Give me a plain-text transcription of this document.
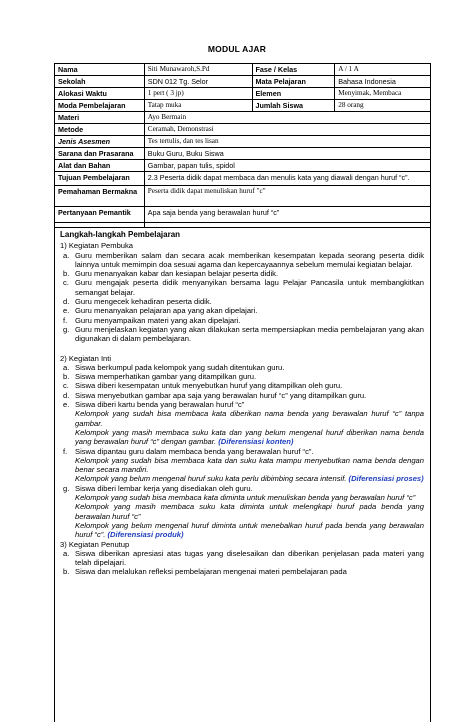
MODUL AJAR
Nama	Siti Munawaroh,S.Pd	Fase / Kelas	A / 1 A
Sekolah	SDN 012 Tg. Selor	Mata Pelajaran	Bahasa Indonesia
Alokasi Waktu	1 pert ( 3 jp)	Elemen	Menyimak, Membaca
Moda Pembelajaran	Tatap muka	Jumlah Siswa	28 orang
Materi	Ayo Bermain		
Metode	Ceramah, Demonstrasi		
Jenis Asesmen	Tes tertulis, dan tes lisan		
Sarana dan Prasarana	Buku Guru, Buku Siswa		
Alat dan Bahan	Gambar, papan tulis, spidol		
Tujuan Pembelajaran	2.3 Peserta didik dapat membaca dan menulis kata yang diawali dengan huruf “c”.		
Pemahaman Bermakna	Peserta didik dapat menuliskan huruf "c"		
Pertanyaan Pemantik	Apa saja benda yang berawalan huruf “c”		
Langkah-langkah Pembelajaran
1) Kegiatan Pembuka
a. Guru memberikan salam dan secara acak memberikan kesempatan kepada seorang peserta didik lainnya untuk memimpin doa sesuai agama dan kepercayaannya sebelum memulai kegiatan belajar.
b. Guru menanyakan kabar dan kesiapan belajar peserta didik.
c. Guru mengajak peserta didik menyanyikan bersama lagu Pelajar Pancasila untuk membangkitkan semangat belajar.
d. Guru mengecek kehadiran peserta didik.
e. Guru menanyakan pelajaran apa yang akan dipelajari.
f. Guru menyampaikan materi yang akan dipelajari.
g. Guru menjelaskan kegiatan yang akan dilakukan serta mempersiapkan media pembelajaran yang akan digunakan di dalam pembelajaran.
2) Kegiatan Inti
a. Siswa berkumpul pada kelompok yang sudah ditentukan guru.
b. Siswa memperhatikan gambar yang ditampilkan guru.
c. Siswa diberi kesempatan untuk menyebutkan huruf yang ditampilkan oleh guru.
d. Siswa menyebutkan gambar apa saja yang berawalan huruf “c” yang ditampilkan guru.
e. Siswa diberi kartu benda yang berawalan huruf “c”
Kelompok yang sudah bisa membaca kata diberikan nama benda yang berawalan huruf “c” tanpa gambar.
Kelompok yang masih membaca suku kata dan yang belum mengenal huruf diberikan nama benda yang berawalan huruf “c” dengan gambar. (Diferensiasi konten)
f. Siswa dipantau guru dalam membaca benda yang berawalan huruf “c”.
Kelompok yang sudah bisa membaca kata dan suku kata mampu menyebutkan nama benda dengan benar secara mandiri.
Kelompok yang belum mengenal huruf suku kata perlu dibimbing secara intensif. (Diferensiasi proses)
g. Siswa diberi lembar kerja yang disediakan oleh guru.
Kelompok yang sudah bisa membaca kata diminta untuk menuliskan benda yang berawalan huruf “c”
Kelompok yang masih membaca suku kata diminta untuk melengkapi huruf pada benda yang berawalan huruf “c”
Kelompok yang belum mengenal huruf diminta untuk menebalkan huruf pada benda yang berawalan huruf “c”. (Diferensiasi produk)
3) Kegiatan Penutup
a. Siswa diberikan apresiasi atas tugas yang diselesaikan dan diberikan penjelasan pada materi yang telah dipelajari.
b. Siswa dan melalukan refleksi pembelajaran mengenai materi pembelajaran pada
